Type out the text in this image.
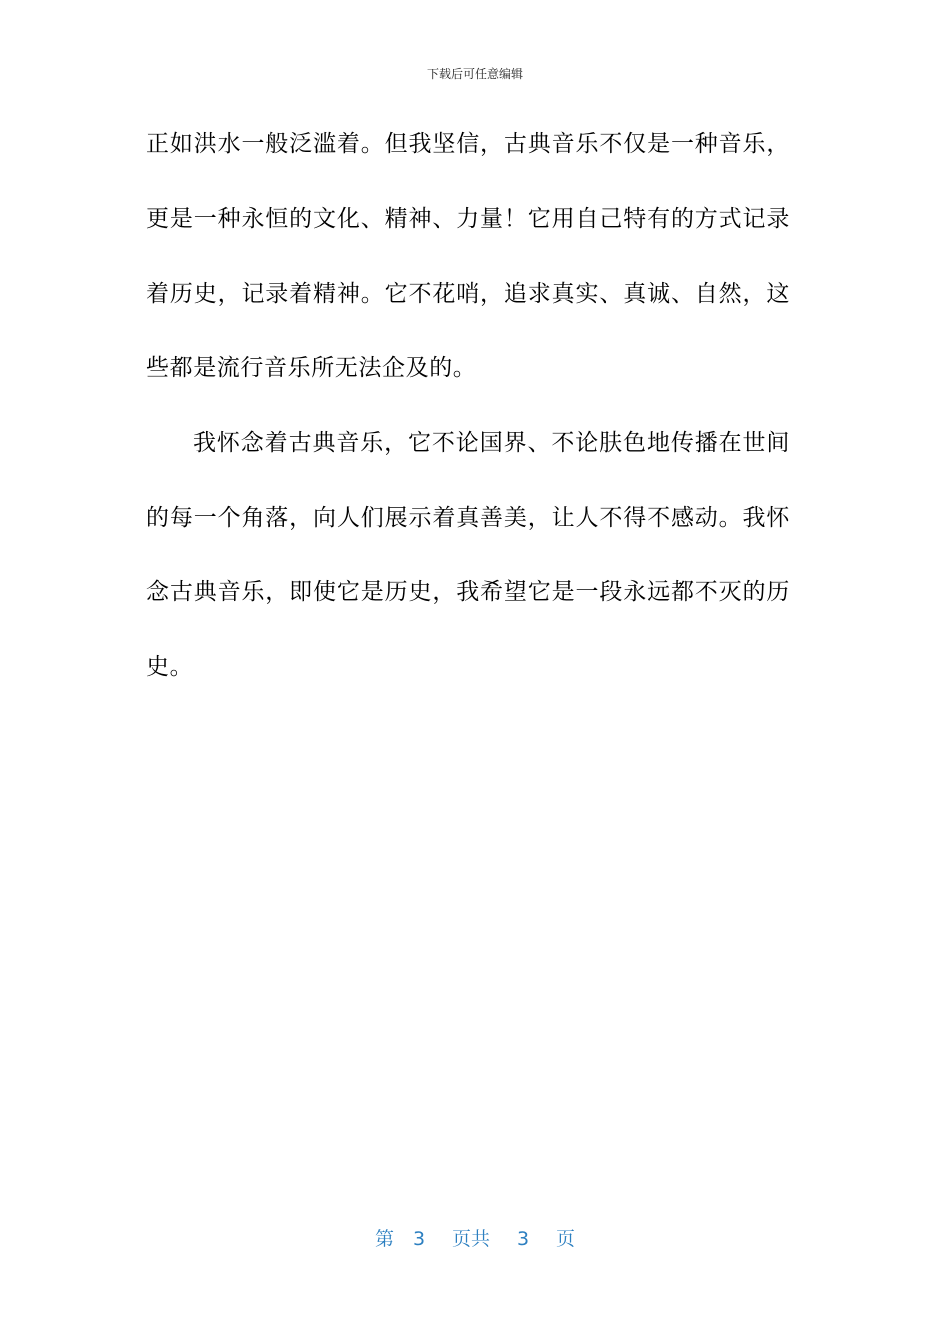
下载后可任意编辑
正如洪水一般泛滥着。但我坚信，古典音乐不仅是一种音乐，
更是一种永恒的文化、精神、力量！它用自己特有的方式记录
着历史，记录着精神。它不花哨，追求真实、真诚、自然，这
些都是流行音乐所无法企及的。
我怀念着古典音乐，它不论国界、不论肤色地传播在世间
的每一个角落，向人们展示着真善美，让人不得不感动。我怀
念古典音乐，即使它是历史，我希望它是一段永远都不灭的历
史。
第 3 页共 3 页
